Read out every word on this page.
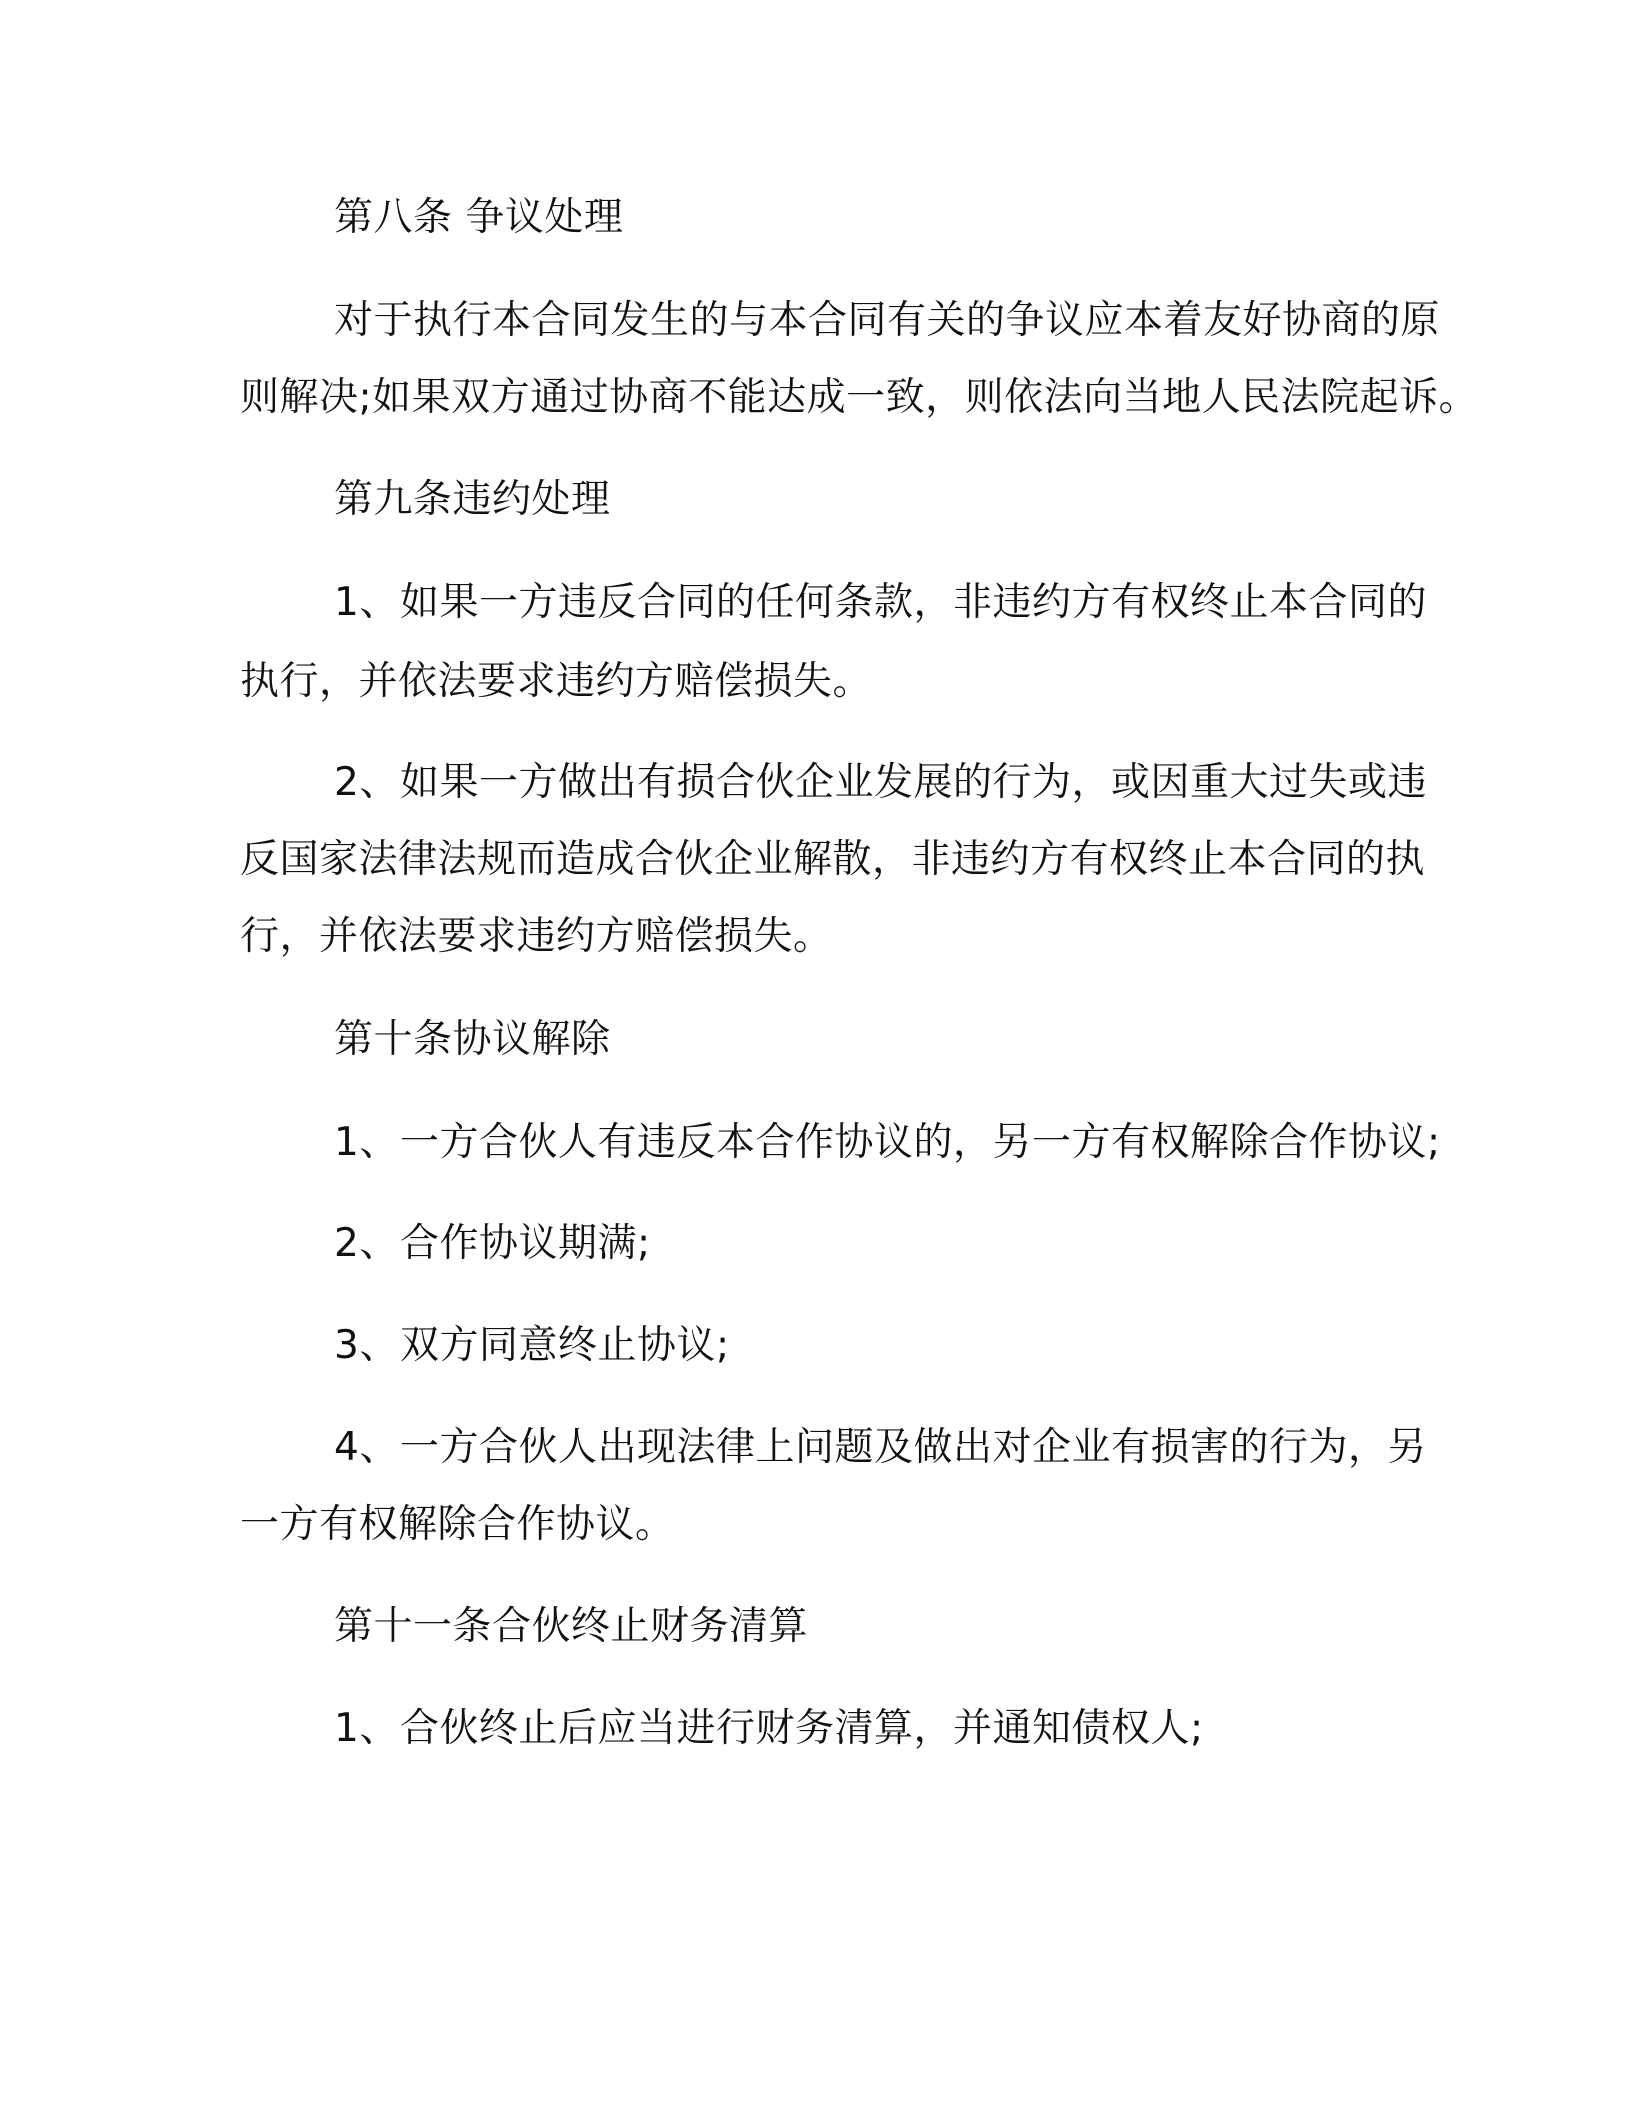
第八条 争议处理
对于执行本合同发生的与本合同有关的争议应本着友好协商的原
则解决;如果双方通过协商不能达成一致，则依法向当地人民法院起诉。
第九条违约处理
1、如果一方违反合同的任何条款，非违约方有权终止本合同的
执行，并依法要求违约方赔偿损失。
2、如果一方做出有损合伙企业发展的行为，或因重大过失或违
反国家法律法规而造成合伙企业解散，非违约方有权终止本合同的执
行，并依法要求违约方赔偿损失。
第十条协议解除
1、一方合伙人有违反本合作协议的，另一方有权解除合作协议;
2、合作协议期满;
3、双方同意终止协议;
4、一方合伙人出现法律上问题及做出对企业有损害的行为，另
一方有权解除合作协议。
第十一条合伙终止财务清算
1、合伙终止后应当进行财务清算，并通知债权人;
